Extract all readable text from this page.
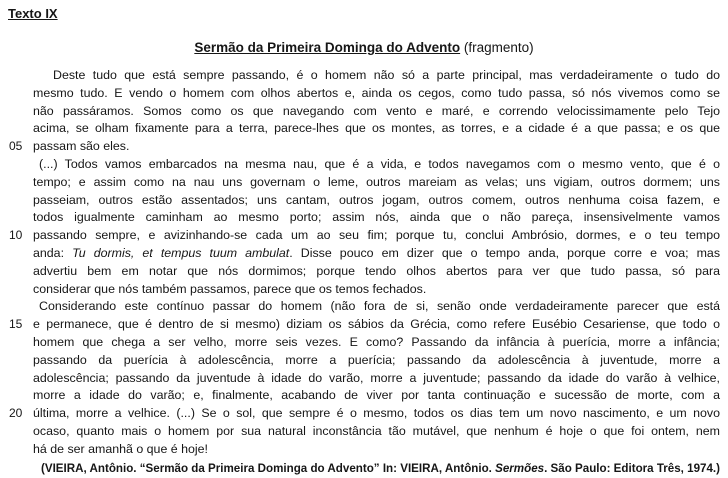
Texto IX
Sermão da Primeira Dominga do Advento (fragmento)
Deste tudo que está sempre passando, é o homem não só a parte principal, mas verdadeiramente o tudo do
mesmo tudo. E vendo o homem com olhos abertos e, ainda os cegos, como tudo passa, só nós vivemos como se
não passáramos. Somos como os que navegando com vento e maré, e correndo velocissimamente pelo Tejo
acima, se olham fixamente para a terra, parece-lhes que os montes, as torres, e a cidade é a que passa; e os que
05 passam são eles.
(...) Todos vamos embarcados na mesma nau, que é a vida, e todos navegamos com o mesmo vento, que é o
tempo; e assim como na nau uns governam o leme, outros mareiam as velas; uns vigiam, outros dormem; uns
passeiam, outros estão assentados; uns cantam, outros jogam, outros comem, outros nenhuma coisa fazem, e
todos igualmente caminham ao mesmo porto; assim nós, ainda que o não pareça, insensivelmente vamos
10 passando sempre, e avizinhando-se cada um ao seu fim; porque tu, conclui Ambrósio, dormes, e o teu tempo
anda: Tu dormis, et tempus tuum ambulat. Disse pouco em dizer que o tempo anda, porque corre e voa; mas
advertiu bem em notar que nós dormimos; porque tendo olhos abertos para ver que tudo passa, só para
considerar que nós também passamos, parece que os temos fechados.
Considerando este contínuo passar do homem (não fora de si, senão onde verdadeiramente parecer que está
15 e permanece, que é dentro de si mesmo) diziam os sábios da Grécia, como refere Eusébio Cesariense, que todo o
homem que chega a ser velho, morre seis vezes. E como? Passando da infância à puerícia, morre a infância;
passando da puerícia à adolescência, morre a puerícia; passando da adolescência à juventude, morre a
adolescência; passando da juventude à idade do varão, morre a juventude; passando da idade do varão à velhice,
morre a idade do varão; e, finalmente, acabando de viver por tanta continuação e sucessão de morte, com a
20 última, morre a velhice. (...) Se o sol, que sempre é o mesmo, todos os dias tem um novo nascimento, e um novo
ocaso, quanto mais o homem por sua natural inconstância tão mutável, que nenhum é hoje o que foi ontem, nem
há de ser amanhã o que é hoje!
(VIEIRA, Antônio. “Sermão da Primeira Dominga do Advento” In: VIEIRA, Antônio. Sermões. São Paulo: Editora Três, 1974.)
